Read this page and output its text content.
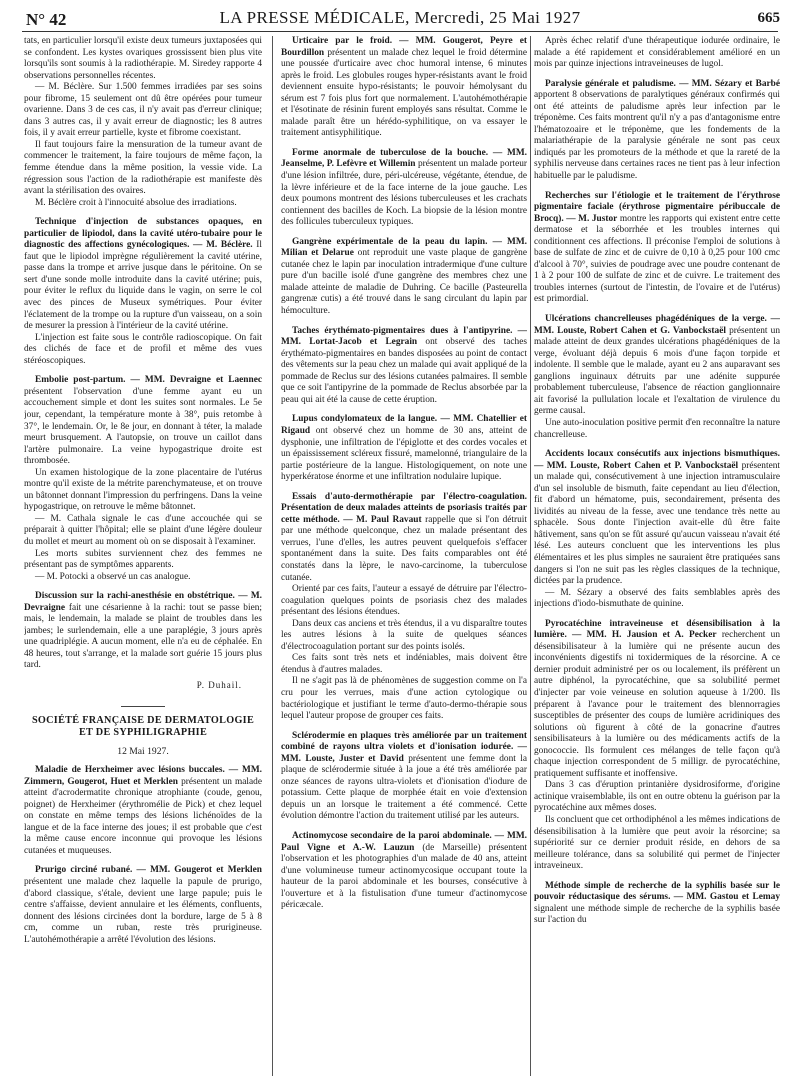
N° 42	LA PRESSE MÉDICALE, Mercredi, 25 Mai 1927	665

tats, en particulier lorsqu'il existe deux tumeurs juxtaposées qui se confondent. Les kystes ovariques grossissent bien plus vite lorsqu'ils sont soumis à la radiothérapie. M. Siredey rapporte 4 observations personnelles récentes.

— M. Béclère. Sur 1.500 femmes irradiées par ses soins pour fibrome, 15 seulement ont dû être opérées pour tumeur ovarienne. Dans 3 de ces cas, il n'y avait pas d'erreur clinique; dans 3 autres cas, il y avait erreur de diagnostic; les 8 autres fois, il y avait erreur partielle, kyste et fibrome coexistant.

Il faut toujours faire la mensuration de la tumeur avant de commencer le traitement, la faire toujours de même façon, la femme étendue dans la même position, la vessie vide. La régression sous l'action de la radiothérapie est manifeste dès avant la stérilisation des ovaires.

M. Béclère croit à l'innocuité absolue des irradiations.

Technique d'injection de substances opaques, en particulier de lipiodol, dans la cavité utéro-tubaire pour le diagnostic des affections gynécologiques. — M. Béclère. Il faut que le lipiodol imprègne régulièrement la cavité utérine, passe dans la trompe et arrive jusque dans le péritoine. On se sert d'une sonde molle introduite dans la cavité utérine; puis, pour éviter le reflux du liquide dans le vagin, on serre le col avec des pinces de Museux symétriques. Pour éviter l'éclatement de la trompe ou la rupture d'un vaisseau, on a soin de mesurer la pression à l'intérieur de la cavité utérine.

L'injection est faite sous le contrôle radioscopique. On fait des clichés de face et de profil et même des vues stéréoscopiques.

Embolie post-partum. — MM. Devraigne et Laennec présentent l'observation d'une femme ayant eu un accouchement simple et dont les suites sont normales. Le 5e jour, cependant, la température monte à 38°, puis retombe à 37°, le lendemain. Or, le 8e jour, en donnant à téter, la malade meurt brusquement. A l'autopsie, on trouve un caillot dans l'artère pulmonaire. La veine hypogastrique droite est thrombosée.

Un examen histologique de la zone placentaire de l'utérus montre qu'il existe de la métrite parenchymateuse, et on trouve un bâtonnet donnant l'impression du perfringens. Dans la veine hypogastrique, on retrouve le même bâtonnet.

— M. Cathala signale le cas d'une accouchée qui se préparait à quitter l'hôpital; elle se plaint d'une légère douleur du mollet et meurt au moment où on se disposait à l'examiner.

Les morts subites surviennent chez des femmes ne présentant pas de symptômes apparents.

— M. Potocki a observé un cas analogue.

Discussion sur la rachi-anesthésie en obstétrique. — M. Devraigne fait une césarienne à la rachi: tout se passe bien; mais, le lendemain, la malade se plaint de troubles dans les jambes; le surlendemain, elle a une paraplégie, 3 jours après une quadriplégie. A aucun moment, elle n'a eu de céphalée. En 48 heures, tout s'arrange, et la malade sort guérie 15 jours plus tard.

P. Duhail.
SOCIÉTÉ FRANÇAISE DE DERMATOLOGIE ET DE SYPHILIGRAPHIE
12 Mai 1927.

Maladie de Herxheimer avec lésions buccales. — MM. Zimmern, Gougerot, Huet et Merklen présentent un malade atteint d'acrodermatite chronique atrophiante (coude, genou, poignet) de Herxheimer (érythromélie de Pick) et chez lequel on constate en même temps des lésions lichénoïdes de la langue et de la face interne des joues; il est probable que c'est la même cause encore inconnue qui provoque les lésions cutanées et muqueuses.

Prurigo circiné rubané. — MM. Gougerot et Merklen présentent une malade chez laquelle la papule de prurigo, d'abord classique, s'étale, devient une large papule; puis le centre s'affaisse, devient annulaire et les éléments, confluents, donnent des lésions circinées dont la bordure, large de 5 à 8 cm, comme un ruban, reste très prurigineuse. L'autohémothérapie a arrêté l'évolution des lésions.

Urticaire par le froid. — MM. Gougerot, Peyre et Bourdillon présentent un malade chez lequel le froid détermine une poussée d'urticaire avec choc humoral intense, 6 minutes après le froid. Les globules rouges hyper-résistants avant le froid deviennent ensuite hypo-résistants; le pouvoir hémolysant du sérum est 7 fois plus fort que normalement. L'autohémothérapie et l'ésotinate de résinin furent employés sans résultat. Comme le malade paraît être un hérédo-syphilitique, on va essayer le traitement antisyphilitique.

Forme anormale de tuberculose de la bouche. — MM. Jeanselme, P. Lefèvre et Willemin présentent un malade porteur d'une lésion infiltrée, dure, péri-ulcéreuse, végétante, étendue, de la lèvre inférieure et de la face interne de la joue gauche. Les deux poumons montrent des lésions tuberculeuses et les crachats contiennent des bacilles de Koch. La biopsie de la lésion montre des follicules tuberculeux typiques.

Gangrène expérimentale de la peau du lapin. — MM. Milian et Delarue ont reproduit une vaste plaque de gangrène cutanée chez le lapin par inoculation intradermique d'une culture pure d'un bacille isolé d'une gangrène des membres chez une malade atteinte de maladie de Duhring. Ce bacille (Pasteurella gangrenæ cutis) a été trouvé dans le sang circulant du lapin par hémoculture.

Taches érythémato-pigmentaires dues à l'antipyrine. — MM. Lortat-Jacob et Legrain ont observé des taches érythémato-pigmentaires en bandes disposées au point de contact des vêtements sur la peau chez un malade qui avait appliqué de la pommade de Reclus sur des lésions cutanées palmaires. Il semble que ce soit l'antipyrine de la pommade de Reclus absorbée par la peau qui ait été la cause de cette éruption.

Lupus condylomateux de la langue. — MM. Chatellier et Rigaud ont observé chez un homme de 30 ans, atteint de dysphonie, une infiltration de l'épiglotte et des cordes vocales et un épaississement scléreux fissuré, mamelonné, triangulaire de la partie postérieure de la langue. Histologiquement, on note une hyperkératose énorme et une infiltration nodulaire lupique.

Essais d'auto-dermothérapie par l'électro-coagulation. Présentation de deux malades atteints de psoriasis traités par cette méthode. — M. Paul Ravaut rappelle que si l'on détruit par une méthode quelconque, chez un malade présentant des verrues, l'une d'elles, les autres peuvent quelquefois s'effacer spontanément dans la suite. Des faits comparables ont été constatés dans la lèpre, le navo-carcinome, la tuberculose cutanée.

Orienté par ces faits, l'auteur a essayé de détruire par l'électro-coagulation quelques points de psoriasis chez des malades présentant des lésions étendues.

Dans deux cas anciens et très étendus, il a vu disparaître toutes les autres lésions à la suite de quelques séances d'électrocoagulation portant sur des points isolés.

Ces faits sont très nets et indéniables, mais doivent être étendus à d'autres malades.

Il ne s'agit pas là de phénomènes de suggestion comme on l'a cru pour les verrues, mais d'une action cytologique ou bactériologique et justifiant le terme d'auto-dermo-thérapie sous lequel l'auteur propose de grouper ces faits.

Sclérodermie en plaques très améliorée par un traitement combiné de rayons ultra violets et d'ionisation iodurée. — MM. Louste, Juster et David présentent une femme dont la plaque de sclérodermie située à la joue a été très améliorée par onze séances de rayons ultra-violets et d'ionisation d'iodure de potassium. Cette plaque de morphée était en voie d'extension depuis un an lorsque le traitement a été commencé. Cette évolution démontre l'action du traitement utilisé par les auteurs.

Actinomycose secondaire de la paroi abdominale. — MM. Paul Vigne et A.-W. Lauzun (de Marseille) présentent l'observation et les photographies d'un malade de 40 ans, atteint d'une volumineuse tumeur actinomycosique occupant toute la hauteur de la paroi abdominale et les bourses, consécutive à l'ouverture et à la fistulisation d'une tumeur d'actinomycose péricæcale.

Après échec relatif d'une thérapeutique iodurée ordinaire, le malade a été rapidement et considérablement amélioré en un mois par quinze injections intraveineuses de lugol.

Paralysie générale et paludisme. — MM. Sézary et Barbé apportent 8 observations de paralytiques généraux confirmés qui ont été atteints de paludisme après leur infection par le tréponème. Ces faits montrent qu'il n'y a pas d'antagonisme entre l'hématozoaire et le tréponème, que les fondements de la malariathérapie de la paralysie générale ne sont pas ceux indiqués par les promoteurs de la méthode et que la rareté de la syphilis nerveuse dans certaines races ne tient pas à leur infection habituelle par le paludisme.

Recherches sur l'étiologie et le traitement de l'érythrose pigmentaire faciale (érythrose pigmentaire péribuccale de Brocq). — M. Justor montre les rapports qui existent entre cette dermatose et la séborrhée et les troubles internes qui conditionnent ces affections. Il préconise l'emploi de solutions à base de sulfate de zinc et de cuivre de 0,10 à 0,25 pour 100 cmc d'alcool à 70°, suivies de poudrage avec une poudre contenant de 1 à 2 pour 100 de sulfate de zinc et de cuivre. Le traitement des troubles internes (surtout de l'intestin, de l'ovaire et de l'utérus) est primordial.

Ulcérations chancrelleuses phagédéniques de la verge. — MM. Louste, Robert Cahen et G. Vanbockstaël présentent un malade atteint de deux grandes ulcérations phagédéniques de la verge, évoluant déjà depuis 6 mois d'une façon torpide et indolente. Il semble que le malade, ayant eu 2 ans auparavant ses ganglions inguinaux détruits par une adénite suppurée probablement tuberculeuse, l'absence de réaction ganglionnaire ait favorisé la pullulation locale et l'exaltation de virulence du germe causal.

Une auto-inoculation positive permit d'en reconnaître la nature chancrelleuse.

Accidents locaux consécutifs aux injections bismuthiques. — MM. Louste, Robert Cahen et P. Vanbockstaël présentent un malade qui, consécutivement à une injection intramusculaire d'un sel insoluble de bismuth, faite cependant au lieu d'élection, fit d'abord un hématome, puis, secondairement, présenta des lividités au niveau de la fesse, avec une tendance très nette au sphacèle. Sous donte l'injection avait-elle dû être faite hâtivement, sans qu'on se fût assuré qu'aucun vaisseau n'avait été lésé. Les auteurs concluent que les interventions les plus élémentaires et les plus simples ne sauraient être pratiquées sans dangers si l'on ne suit pas les règles classiques de la technique, dictées par la prudence.

— M. Sézary a observé des faits semblables après des injections d'iodo-bismuthate de quinine.

Pyrocatéchine intraveineuse et désensibilisation à la lumière. — MM. H. Jausion et A. Pecker recherchent un désensibilisateur à la lumière qui ne présente aucun des inconvénients digestifs ni toxidermiques de la résorcine. A ce dernier produit administré per os ou localement, ils préfèrent un autre diphénol, la pyrocatéchine, que sa solubilité permet d'injecter par voie veineuse en solution aqueuse à 1/200. Ils préparent à l'avance pour le traitement des blennorragies susceptibles de présenter des coups de lumière acridiniques des solutions où figurent à côté de la gonacrine d'autres sensibilisateurs à la lumière ou des médicaments actifs de la gonococcie. Ils formulent ces mélanges de telle façon qu'à chaque injection correspondent de 5 milligr. de pyrocatéchine, pratiquement suffisante et inoffensive.

Dans 3 cas d'éruption printanière dysidrosiforme, d'origine actinique vraisemblable, ils ont en outre obtenu la guérison par la pyrocatéchine aux mêmes doses.

Ils concluent que cet orthodiphénol a les mêmes indications de désensibilisation à la lumière que peut avoir la résorcine; sa supériorité sur ce dernier produit réside, en dehors de sa meilleure tolérance, dans sa solubilité qui permet de l'injecter intraveineux.

Méthode simple de recherche de la syphilis basée sur le pouvoir réductasique des sérums. — MM. Gastou et Lemay signalent une méthode simple de recherche de la syphilis basée sur l'action du
